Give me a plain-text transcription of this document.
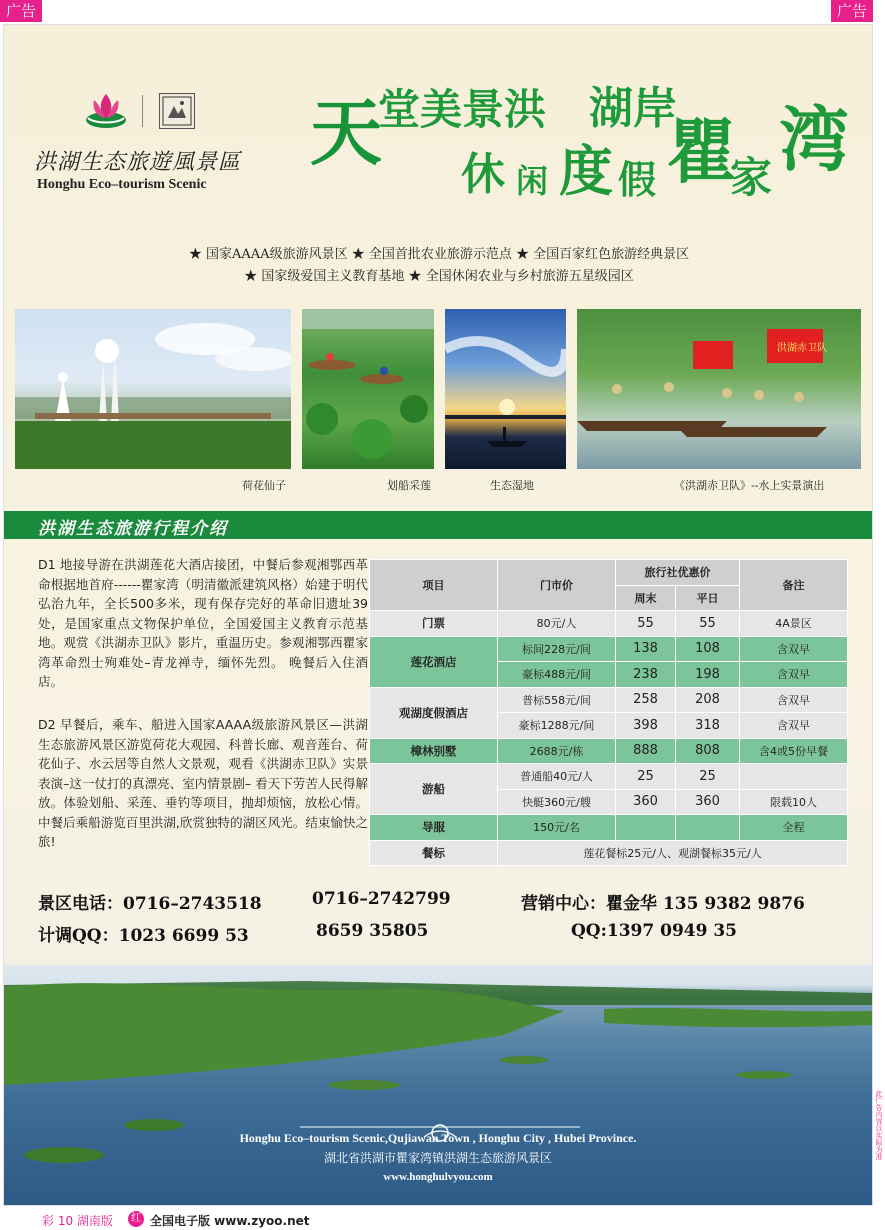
广告	广告
此广告内容以实际为准
洪湖生态旅遊風景區
Honghu Eco–tourism Scenic
天
堂美景洪 湖岸
休 闲 度 假 瞿
家 湾
★ 国家AAAA级旅游风景区 ★ 全国首批农业旅游示范点 ★ 全国百家红色旅游经典景区
★ 国家级爱国主义教育基地 ★ 全国休闲农业与乡村旅游五星级园区
洪湖赤卫队
荷花仙子	划船采莲	生态湿地	《洪湖赤卫队》--水上实景演出
洪湖生态旅游行程介绍
D1 地接导游在洪湖莲花大酒店接团，中餐后参观湘鄂西革命根据地首府------瞿家湾（明清徽派建筑风格）始建于明代弘治九年，全长500多米，现有保存完好的革命旧遗址39处，是国家重点文物保护单位，全国爱国主义教育示范基地。观赏《洪湖赤卫队》影片，重温历史。参观湘鄂西瞿家湾革命烈士殉难处–青龙禅寺，缅怀先烈。 晚餐后入住酒店。
D2 早餐后，乘车、船进入国家AAAA级旅游风景区—洪湖生态旅游风景区游览荷花大观园、科普长廊、观音莲台、荷花仙子、水云居等自然人文景观，观看《洪湖赤卫队》实景表演–这一仗打的真漂亮、室内情景剧– 看天下劳苦人民得解放。体验划船、采莲、垂钓等项目，抛却烦恼，放松心情。中餐后乘船游览百里洪湖,欣赏独特的湖区风光。结束愉快之旅!
项目	门市价	旅行社优惠价		备注
		周末	平日	
门票	80元/人	55	55	4A景区
莲花酒店	标间228元/间	138	108	含双早
	豪标488元/间	238	198	含双早
观湖度假酒店	普标558元/间	258	208	含双早
	豪标1288元/间	398	318	含双早
樟林别墅	2688元/栋	888	808	含4或5份早餐
游船	普通船40元/人	25	25	
	快艇360元/艘	360	360	限载10人
导服	150元/名			全程
餐标	莲花餐标25元/人、观湖餐标35元/人			
景区电话：0716–2743518	0716–2742799	营销中心：瞿金华 135 9382 9876
计调QQ：1023 6699 53	8659 35805	QQ:1397 0949 35
Honghu Eco–tourism Scenic,Qujiawan Town , Honghu City , Hubei Province.
湖北省洪湖市瞿家湾镇洪湖生态旅游风景区
www.honghulvyou.com
彩 10 湖南版	红 全国电子版 www.zyoo.net
